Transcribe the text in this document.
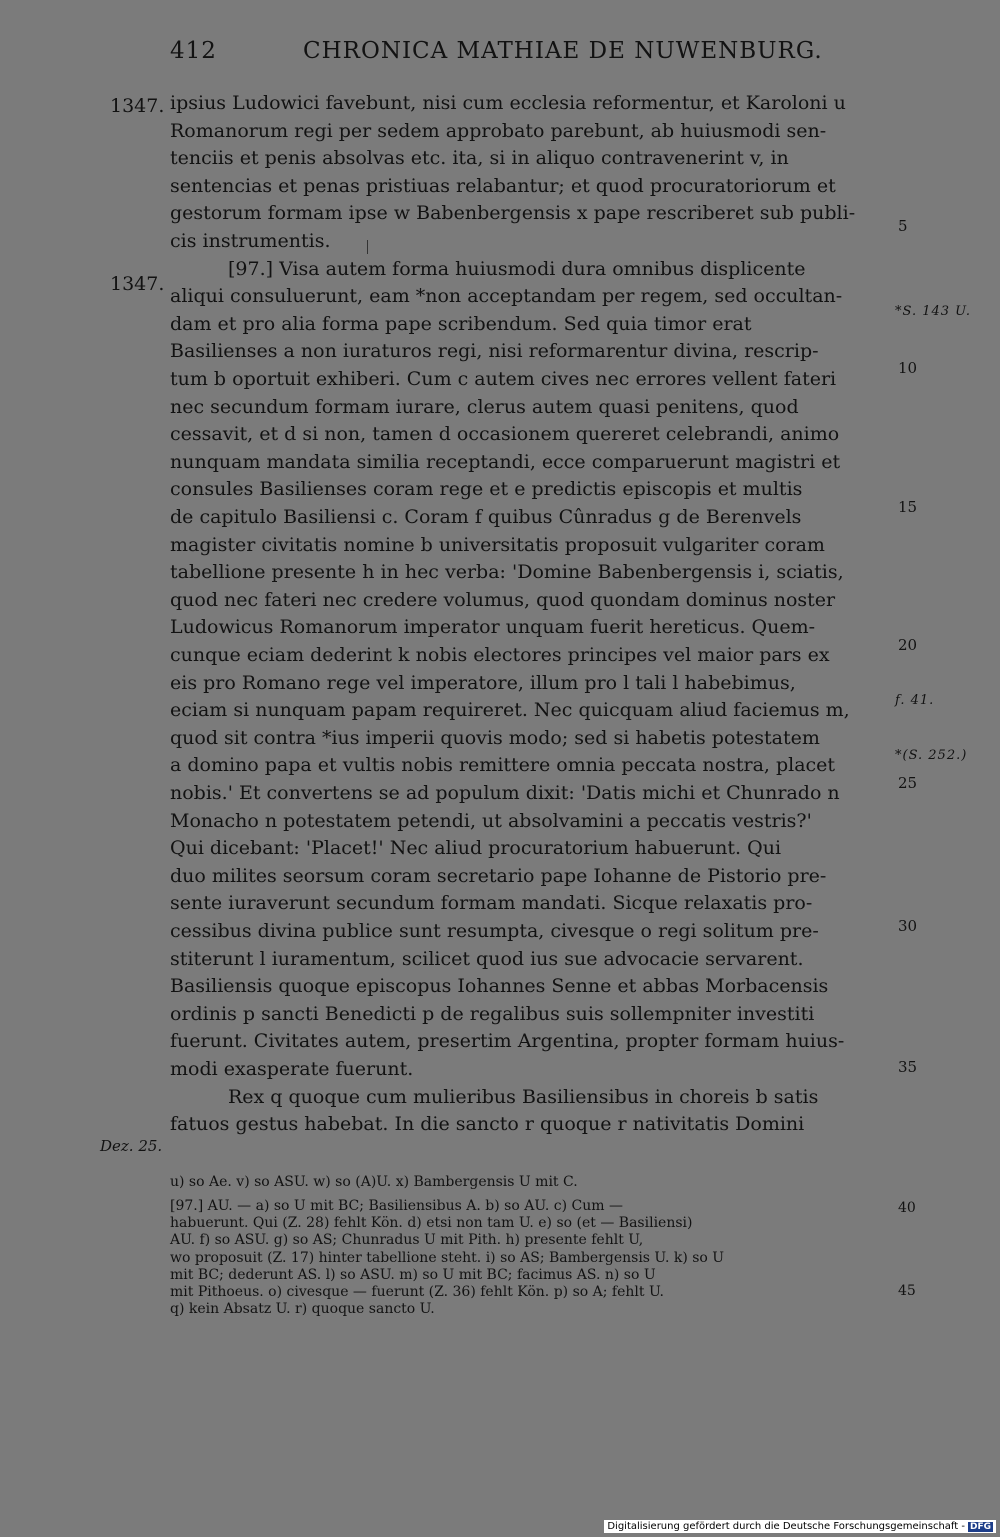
412	CHRONICA MATHIAE DE NUWENBURG.
1347.
1347.
Dez. 25.
ipsius Ludowici favebunt, nisi cum ecclesia reformentur, et Karoloni u
Romanorum regi per sedem approbato parebunt, ab huiusmodi sen-
tenciis et penis absolvas etc. ita, si in aliquo contravenerint v, in
sentencias et penas pristiuas relabantur; et quod procuratoriorum et
gestorum formam ipse w Babenbergensis x pape rescriberet sub publi-
cis instrumentis.
[97.] Visa autem forma huiusmodi dura omnibus displicente
aliqui consuluerunt, eam *non acceptandam per regem, sed occultan-
dam et pro alia forma pape scribendum. Sed quia timor erat
Basilienses a non iuraturos regi, nisi reformarentur divina, rescrip-
tum b oportuit exhiberi. Cum c autem cives nec errores vellent fateri
nec secundum formam iurare, clerus autem quasi penitens, quod
cessavit, et d si non, tamen d occasionem quereret celebrandi, animo
nunquam mandata similia receptandi, ecce comparuerunt magistri et
consules Basilienses coram rege et e predictis episcopis et multis
de capitulo Basiliensi c. Coram f quibus Cûnradus g de Berenvels
magister civitatis nomine b universitatis proposuit vulgariter coram
tabellione presente h in hec verba: 'Domine Babenbergensis i, sciatis,
quod nec fateri nec credere volumus, quod quondam dominus noster
Ludowicus Romanorum imperator unquam fuerit hereticus. Quem-
cunque eciam dederint k nobis electores principes vel maior pars ex
eis pro Romano rege vel imperatore, illum pro l tali l habebimus,
eciam si nunquam papam requireret. Nec quicquam aliud faciemus m,
quod sit contra *ius imperii quovis modo; sed si habetis potestatem
a domino papa et vultis nobis remittere omnia peccata nostra, placet
nobis.' Et convertens se ad populum dixit: 'Datis michi et Chunrado n
Monacho n potestatem petendi, ut absolvamini a peccatis vestris?'
Qui dicebant: 'Placet!' Nec aliud procuratorium habuerunt. Qui
duo milites seorsum coram secretario pape Iohanne de Pistorio pre-
sente iuraverunt secundum formam mandati. Sicque relaxatis pro-
cessibus divina publice sunt resumpta, civesque o regi solitum pre-
stiterunt l iuramentum, scilicet quod ius sue advocacie servarent.
Basiliensis quoque episcopus Iohannes Senne et abbas Morbacensis
ordinis p sancti Benedicti p de regalibus suis sollempniter investiti
fuerunt. Civitates autem, presertim Argentina, propter formam huius-
modi exasperate fuerunt.
Rex q quoque cum mulieribus Basiliensibus in choreis b satis
fatuos gestus habebat. In die sancto r quoque r nativitatis Domini
5
10
15
20
25
30
35
*S. 143 U.
f. 41.
*(S. 252.)
u) so Ae. v) so ASU. w) so (A)U. x) Bambergensis U mit C.
[97.] AU. — a) so U mit BC; Basiliensibus A. b) so AU. c) Cum —
habuerunt. Qui (Z. 28) fehlt Kön. d) etsi non tam U. e) so (et — Basiliensi)
AU. f) so ASU. g) so AS; Chunradus U mit Pith. h) presente fehlt U,
wo proposuit (Z. 17) hinter tabellione steht. i) so AS; Bambergensis U. k) so U
mit BC; dederunt AS. l) so ASU. m) so U mit BC; facimus AS. n) so U
mit Pithoeus. o) civesque — fuerunt (Z. 36) fehlt Kön. p) so A; fehlt U.
q) kein Absatz U. r) quoque sancto U.
40
45
Digitalisierung gefördert durch die Deutsche Forschungsgemeinschaft - DFG
